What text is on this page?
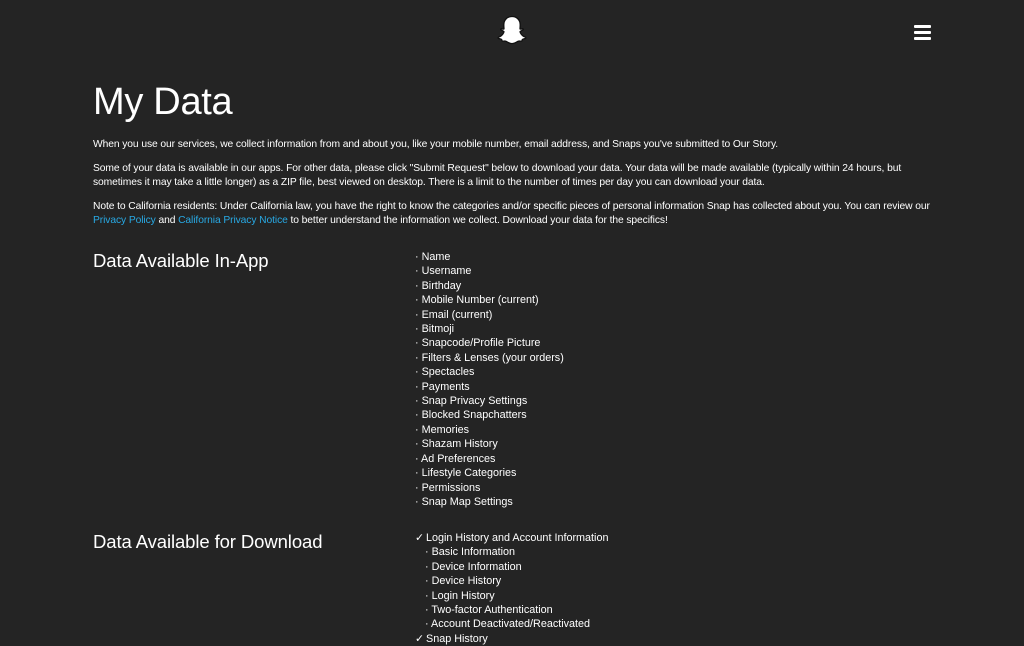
My Data

When you use our services, we collect information from and about you, like your mobile number, email address, and Snaps you've submitted to Our Story.

Some of your data is available in our apps. For other data, please click "Submit Request" below to download your data. Your data will be made available (typically within 24 hours, but sometimes it may take a little longer) as a ZIP file, best viewed on desktop. There is a limit to the number of times per day you can download your data.

Note to California residents: Under California law, you have the right to know the categories and/or specific pieces of personal information Snap has collected about you. You can review our Privacy Policy and California Privacy Notice to better understand the information we collect. Download your data for the specifics!

Data Available In-App	· Name
· Username
· Birthday
· Mobile Number (current)
· Email (current)
· Bitmoji
· Snapcode/Profile Picture
· Filters & Lenses (your orders)
· Spectacles
· Payments
· Snap Privacy Settings
· Blocked Snapchatters
· Memories
· Shazam History
· Ad Preferences
· Lifestyle Categories
· Permissions
· Snap Map Settings
Data Available for Download	✓ Login History and Account Information
· Basic Information
· Device Information
· Device History
· Login History
· Two-factor Authentication
· Account Deactivated/Reactivated
✓ Snap History
